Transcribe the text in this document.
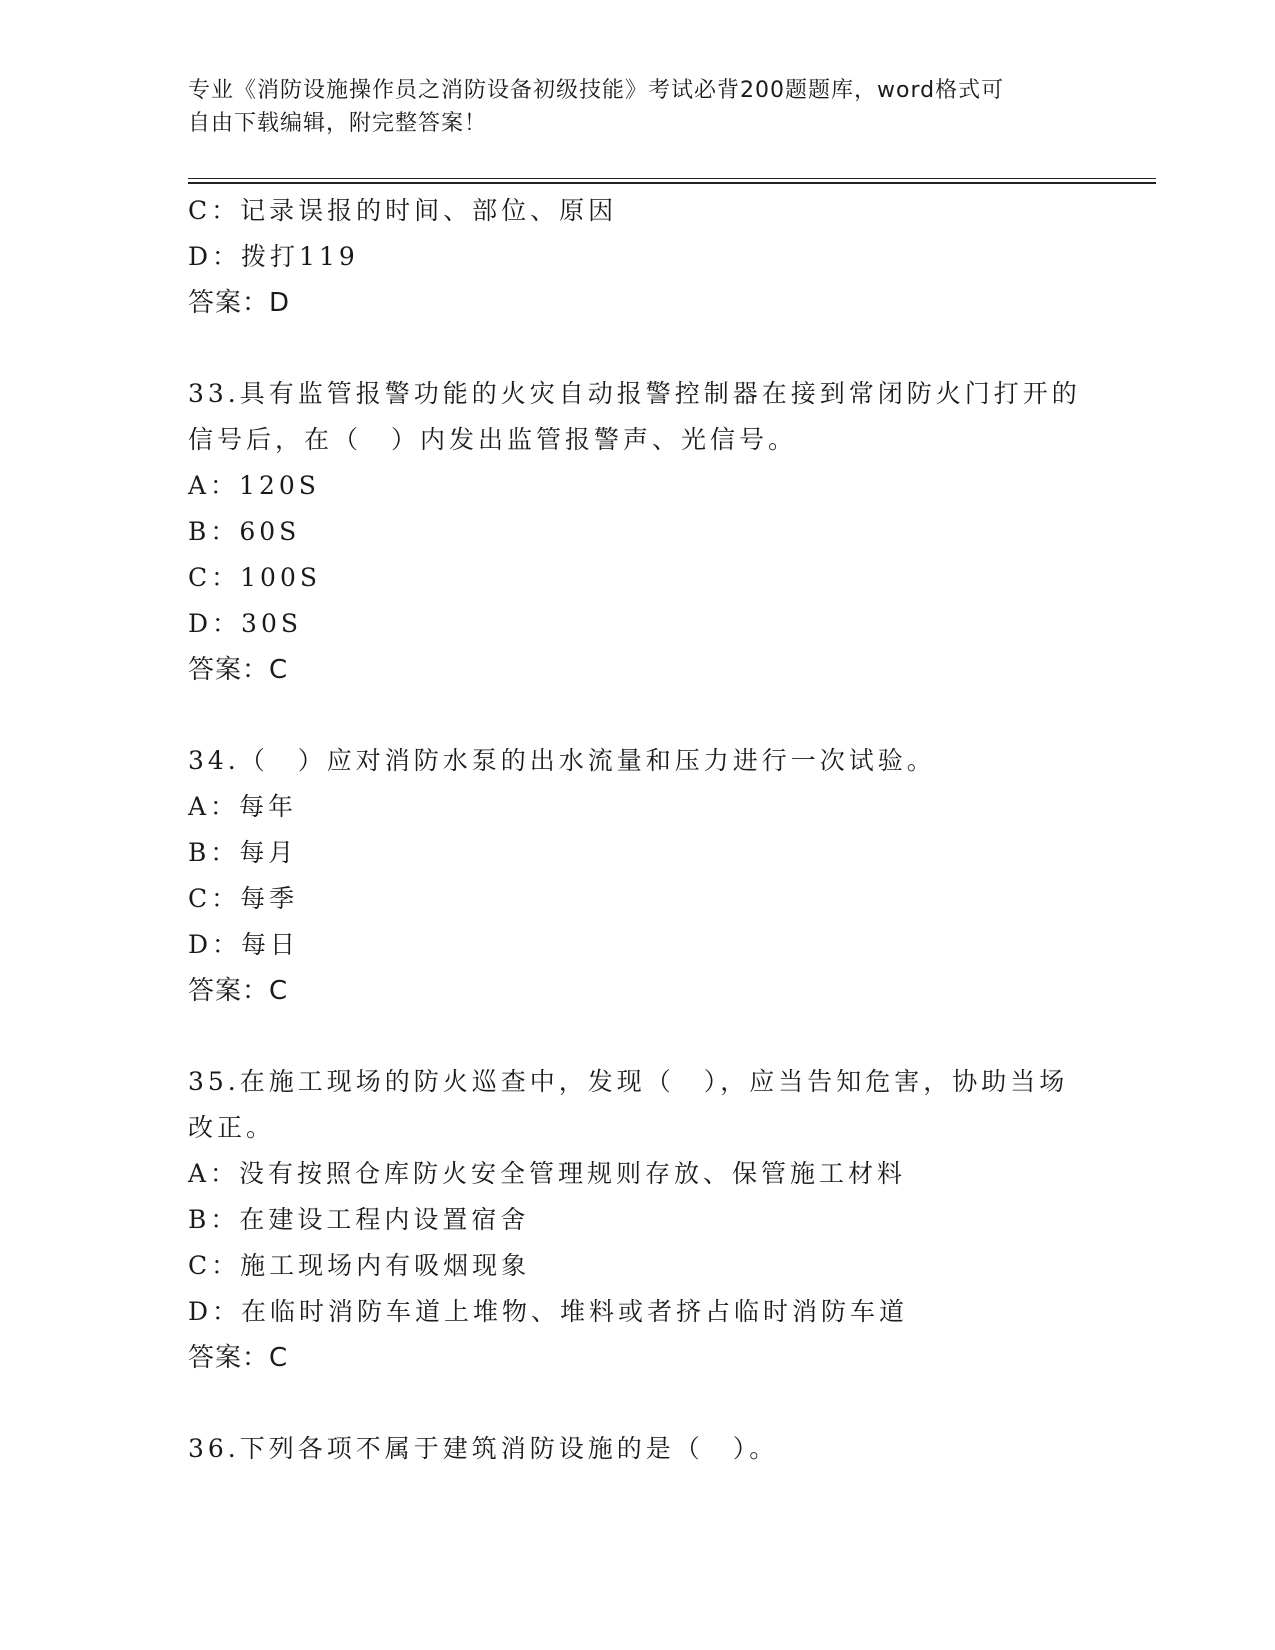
专业《消防设施操作员之消防设备初级技能》考试必背200题题库，word格式可
自由下载编辑，附完整答案！
C：记录误报的时间、部位、原因
D：拨打119
答案：D
33.具有监管报警功能的火灾自动报警控制器在接到常闭防火门打开的
信号后，在（　）内发出监管报警声、光信号。
A：120S
B：60S
C：100S
D：30S
答案：C
34.（　）应对消防水泵的出水流量和压力进行一次试验。
A：每年
B：每月
C：每季
D：每日
答案：C
35.在施工现场的防火巡查中，发现（　），应当告知危害，协助当场
改正。
A：没有按照仓库防火安全管理规则存放、保管施工材料
B：在建设工程内设置宿舍
C：施工现场内有吸烟现象
D：在临时消防车道上堆物、堆料或者挤占临时消防车道
答案：C
36.下列各项不属于建筑消防设施的是（　）。
